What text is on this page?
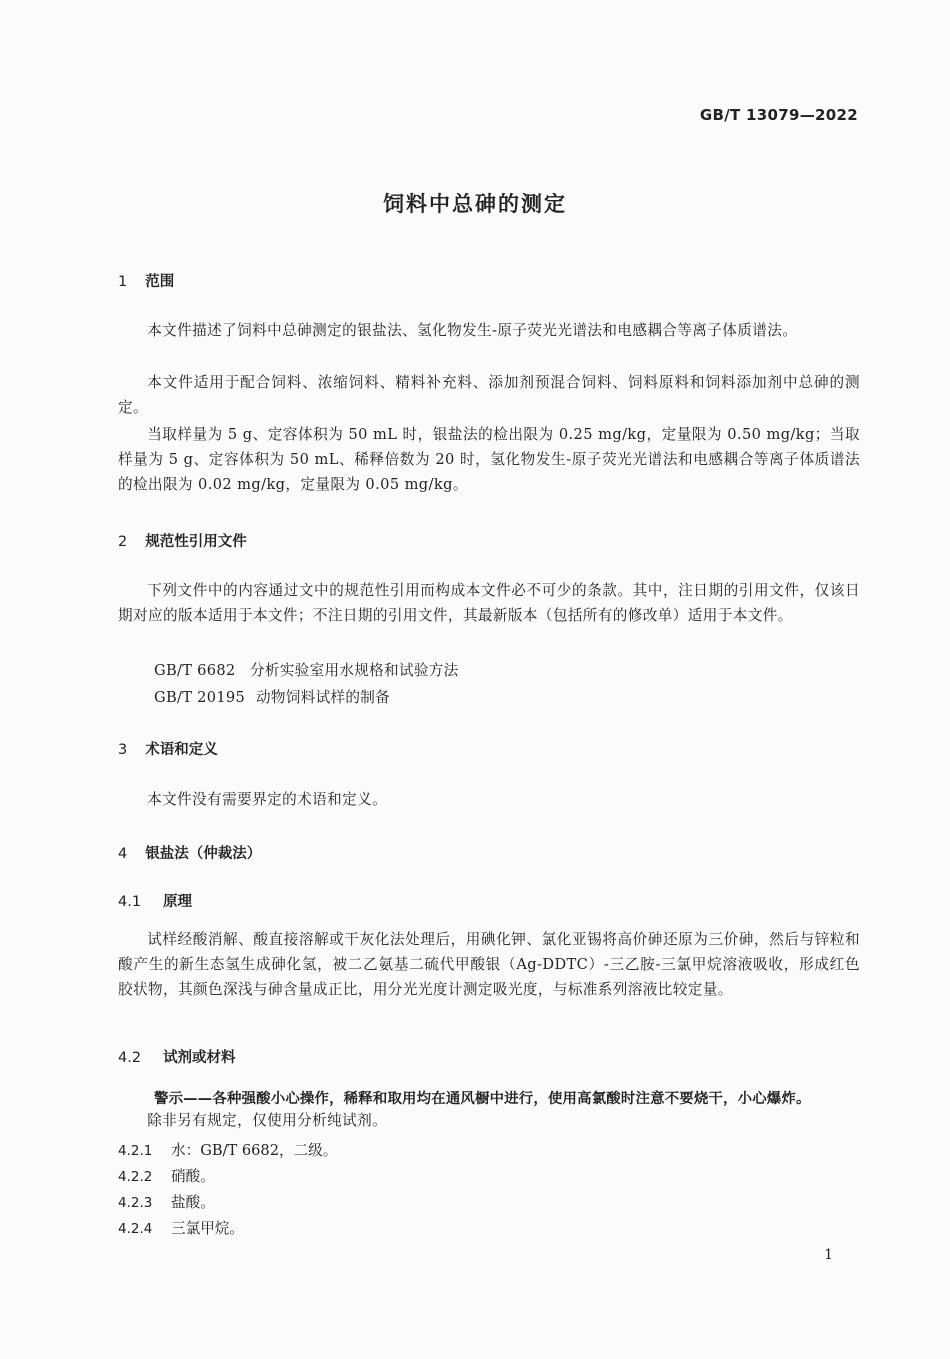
GB/T 13079—2022
饲料中总砷的测定
1 范围
本文件描述了饲料中总砷测定的银盐法、氢化物发生-原子荧光光谱法和电感耦合等离子体质谱法。
本文件适用于配合饲料、浓缩饲料、精料补充料、添加剂预混合饲料、饲料原料和饲料添加剂中总砷的测定。
当取样量为 5 g、定容体积为 50 mL 时，银盐法的检出限为 0.25 mg/kg，定量限为 0.50 mg/kg；当取样量为 5 g、定容体积为 50 mL、稀释倍数为 20 时，氢化物发生-原子荧光光谱法和电感耦合等离子体质谱法的检出限为 0.02 mg/kg，定量限为 0.05 mg/kg。
2 规范性引用文件
下列文件中的内容通过文中的规范性引用而构成本文件必不可少的条款。其中，注日期的引用文件，仅该日期对应的版本适用于本文件；不注日期的引用文件，其最新版本（包括所有的修改单）适用于本文件。
GB/T 6682 分析实验室用水规格和试验方法
GB/T 20195 动物饲料试样的制备
3 术语和定义
本文件没有需要界定的术语和定义。
4 银盐法（仲裁法）
4.1 原理
试样经酸消解、酸直接溶解或干灰化法处理后，用碘化钾、氯化亚锡将高价砷还原为三价砷，然后与锌粒和酸产生的新生态氢生成砷化氢，被二乙氨基二硫代甲酸银（Ag-DDTC）-三乙胺-三氯甲烷溶液吸收，形成红色胶状物，其颜色深浅与砷含量成正比，用分光光度计测定吸光度，与标准系列溶液比较定量。
4.2 试剂或材料
警示——各种强酸小心操作，稀释和取用均在通风橱中进行，使用高氯酸时注意不要烧干，小心爆炸。
除非另有规定，仅使用分析纯试剂。
4.2.1 水：GB/T 6682，二级。
4.2.2 硝酸。
4.2.3 盐酸。
4.2.4 三氯甲烷。
1
